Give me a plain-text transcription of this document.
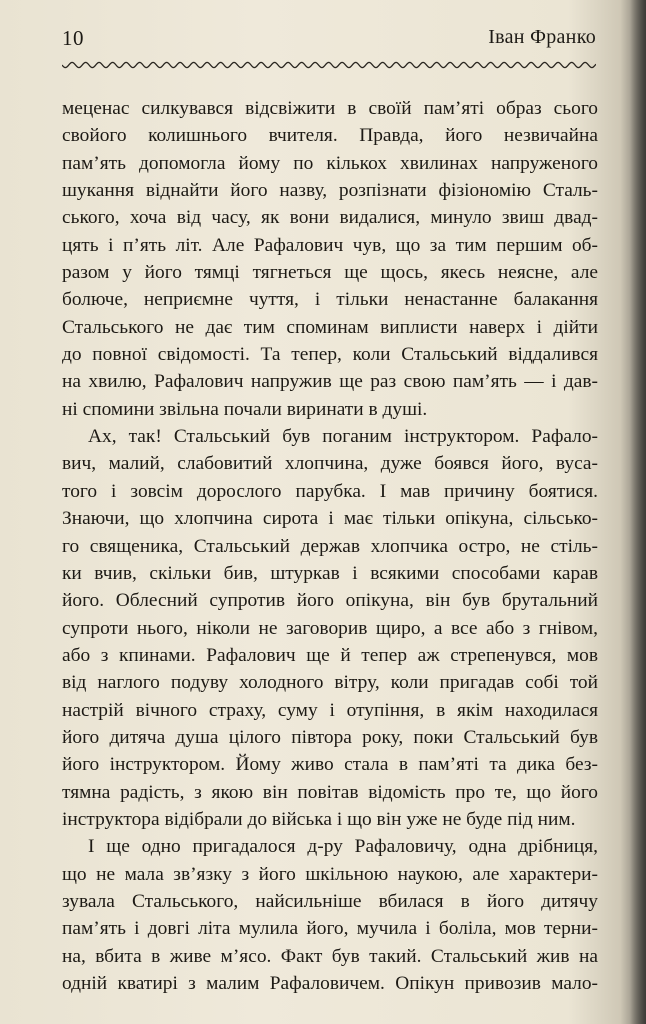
10	Іван Франко
меценас силкувався відсвіжити в своїй пам’яті образ сього
свойого колишнього вчителя. Правда, його незвичайна
пам’ять допомогла йому по кількох хвилинах напруженого
шукання віднайти його назву, розпізнати фізіономію Сталь-
ського, хоча від часу, як вони видалися, минуло звиш двад-
цять і п’ять літ. Але Рафалович чув, що за тим першим об-
разом у його тямці тягнеться ще щось, якесь неясне, але
болюче, неприємне чуття, і тільки ненастанне балакання
Стальського не дає тим споминам виплисти наверх і дійти
до повної свідомості. Та тепер, коли Стальський віддалився
на хвилю, Рафалович напружив ще раз свою пам’ять — і дав-
ні спомини звільна почали виринати в душі.
Ах, так! Стальський був поганим інструктором. Рафало-
вич, малий, слабовитий хлопчина, дуже боявся його, вуса-
того і зовсім дорослого парубка. І мав причину боятися.
Знаючи, що хлопчина сирота і має тільки опікуна, сільсько-
го священика, Стальський держав хлопчика остро, не стіль-
ки вчив, скільки бив, штуркав і всякими способами карав
його. Облесний супротив його опікуна, він був брутальний
супроти нього, ніколи не заговорив щиро, а все або з гнівом,
або з кпинами. Рафалович ще й тепер аж стрепенувся, мов
від наглого подуву холодного вітру, коли пригадав собі той
настрій вічного страху, суму і отупіння, в якім находилася
його дитяча душа цілого півтора року, поки Стальський був
його інструктором. Йому живо стала в пам’яті та дика без-
тямна радість, з якою він повітав відомість про те, що його
інструктора відібрали до війська і що він уже не буде під ним.
І ще одно пригадалося д-ру Рафаловичу, одна дрібниця,
що не мала зв’язку з його шкільною наукою, але характери-
зувала Стальського, найсильніше вбилася в його дитячу
пам’ять і довгі літа мулила його, мучила і боліла, мов терни-
на, вбита в живе м’ясо. Факт був такий. Стальський жив на
одній кватирі з малим Рафаловичем. Опікун привозив мало-
